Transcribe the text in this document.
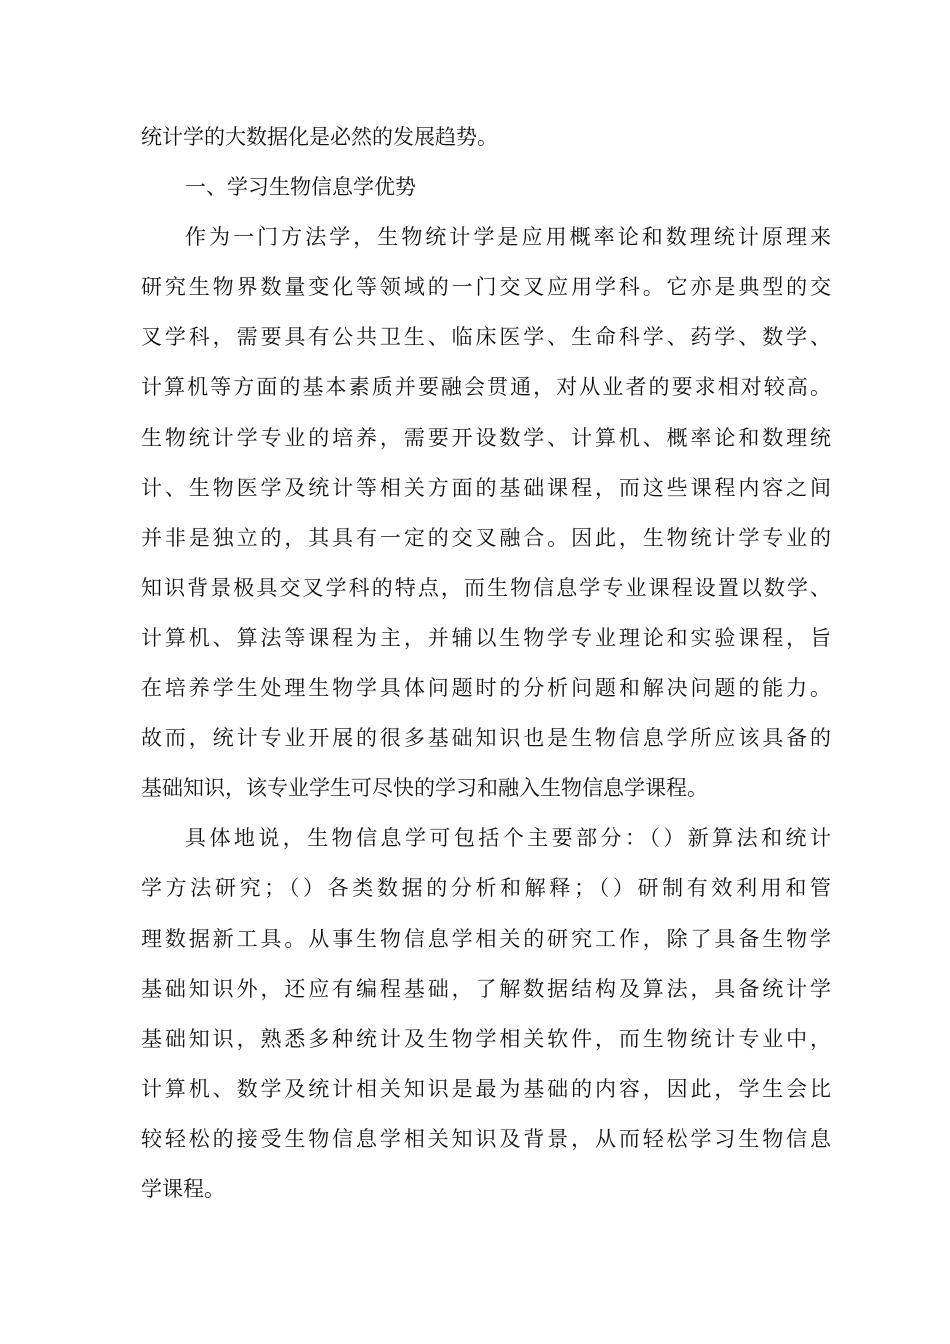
统计学的大数据化是必然的发展趋势。
一、学习生物信息学优势
作为一门方法学，生物统计学是应用概率论和数理统计原理来
研究生物界数量变化等领域的一门交叉应用学科。它亦是典型的交
叉学科，需要具有公共卫生、临床医学、生命科学、药学、数学、
计算机等方面的基本素质并要融会贯通，对从业者的要求相对较高。
生物统计学专业的培养，需要开设数学、计算机、概率论和数理统
计、生物医学及统计等相关方面的基础课程，而这些课程内容之间
并非是独立的，其具有一定的交叉融合。因此，生物统计学专业的
知识背景极具交叉学科的特点，而生物信息学专业课程设置以数学、
计算机、算法等课程为主，并辅以生物学专业理论和实验课程，旨
在培养学生处理生物学具体问题时的分析问题和解决问题的能力。
故而，统计专业开展的很多基础知识也是生物信息学所应该具备的
基础知识，该专业学生可尽快的学习和融入生物信息学课程。
具体地说，生物信息学可包括个主要部分：（）新算法和统计
学方法研究；（）各类数据的分析和解释；（）研制有效利用和管
理数据新工具。从事生物信息学相关的研究工作，除了具备生物学
基础知识外，还应有编程基础，了解数据结构及算法，具备统计学
基础知识，熟悉多种统计及生物学相关软件，而生物统计专业中，
计算机、数学及统计相关知识是最为基础的内容，因此，学生会比
较轻松的接受生物信息学相关知识及背景，从而轻松学习生物信息
学课程。
